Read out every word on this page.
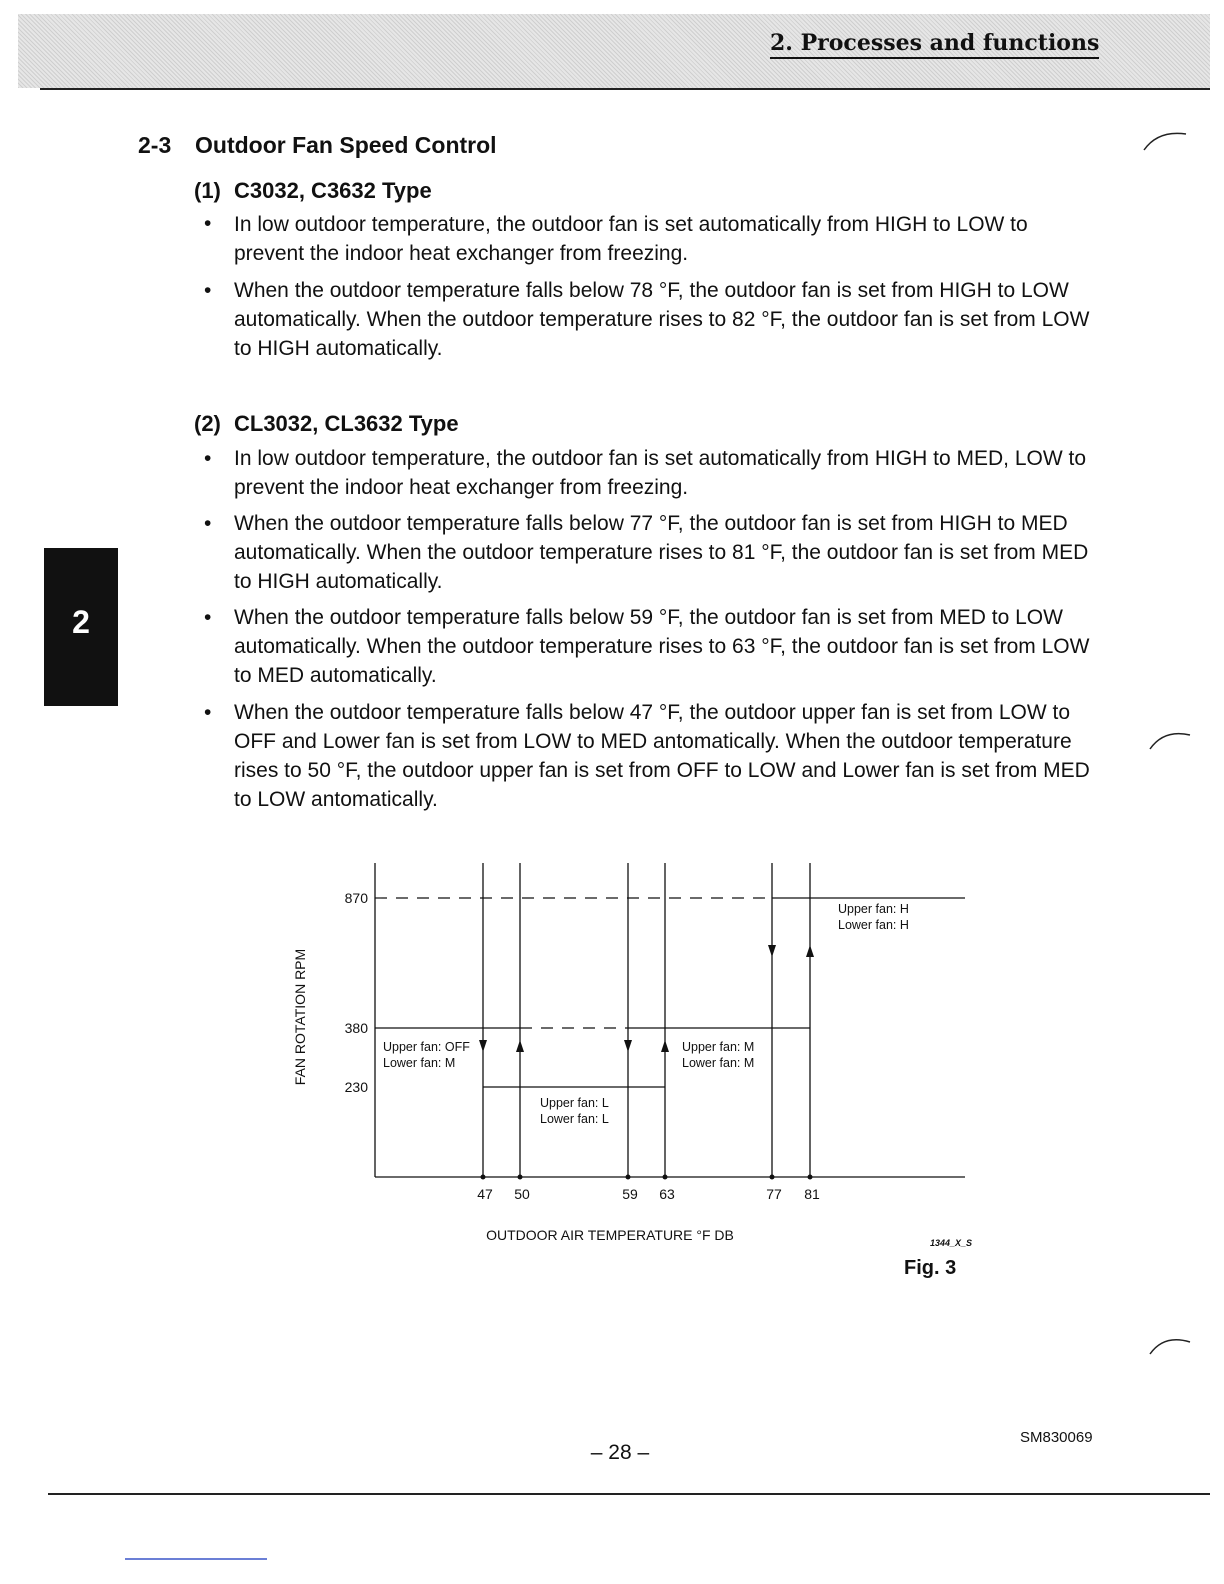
2. Processes and functions
2
2-3 Outdoor Fan Speed Control
(1) C3032, C3632 Type
• In low outdoor temperature, the outdoor fan is set automatically from HIGH to LOW to prevent the indoor heat exchanger from freezing.
• When the outdoor temperature falls below 78 °F, the outdoor fan is set from HIGH to LOW automatically. When the outdoor temperature rises to 82 °F, the outdoor fan is set from LOW to HIGH automatically.
(2) CL3032, CL3632 Type
• In low outdoor temperature, the outdoor fan is set automatically from HIGH to MED, LOW to prevent the indoor heat exchanger from freezing.
• When the outdoor temperature falls below 77 °F, the outdoor fan is set from HIGH to MED automatically. When the outdoor temperature rises to 81 °F, the outdoor fan is set from MED to HIGH automatically.
• When the outdoor temperature falls below 59 °F, the outdoor fan is set from MED to LOW automatically. When the outdoor temperature rises to 63 °F, the outdoor fan is set from LOW to MED automatically.
• When the outdoor temperature falls below 47 °F, the outdoor upper fan is set from LOW to OFF and Lower fan is set from LOW to MED antomatically. When the outdoor temperature rises to 50 °F, the outdoor upper fan is set from OFF to LOW and Lower fan is set from MED to LOW antomatically.
870
380
230
47 50	59 63	77 81
Upper fan: OFF
Lower fan: M
Upper fan: L
Lower fan: L
Upper fan: M
Lower fan: M
Upper fan: H
Lower fan: H
OUTDOOR AIR TEMPERATURE °F DB
FAN ROTATION RPM
1344_X_S
Fig. 3
SM830069
– 28 –
